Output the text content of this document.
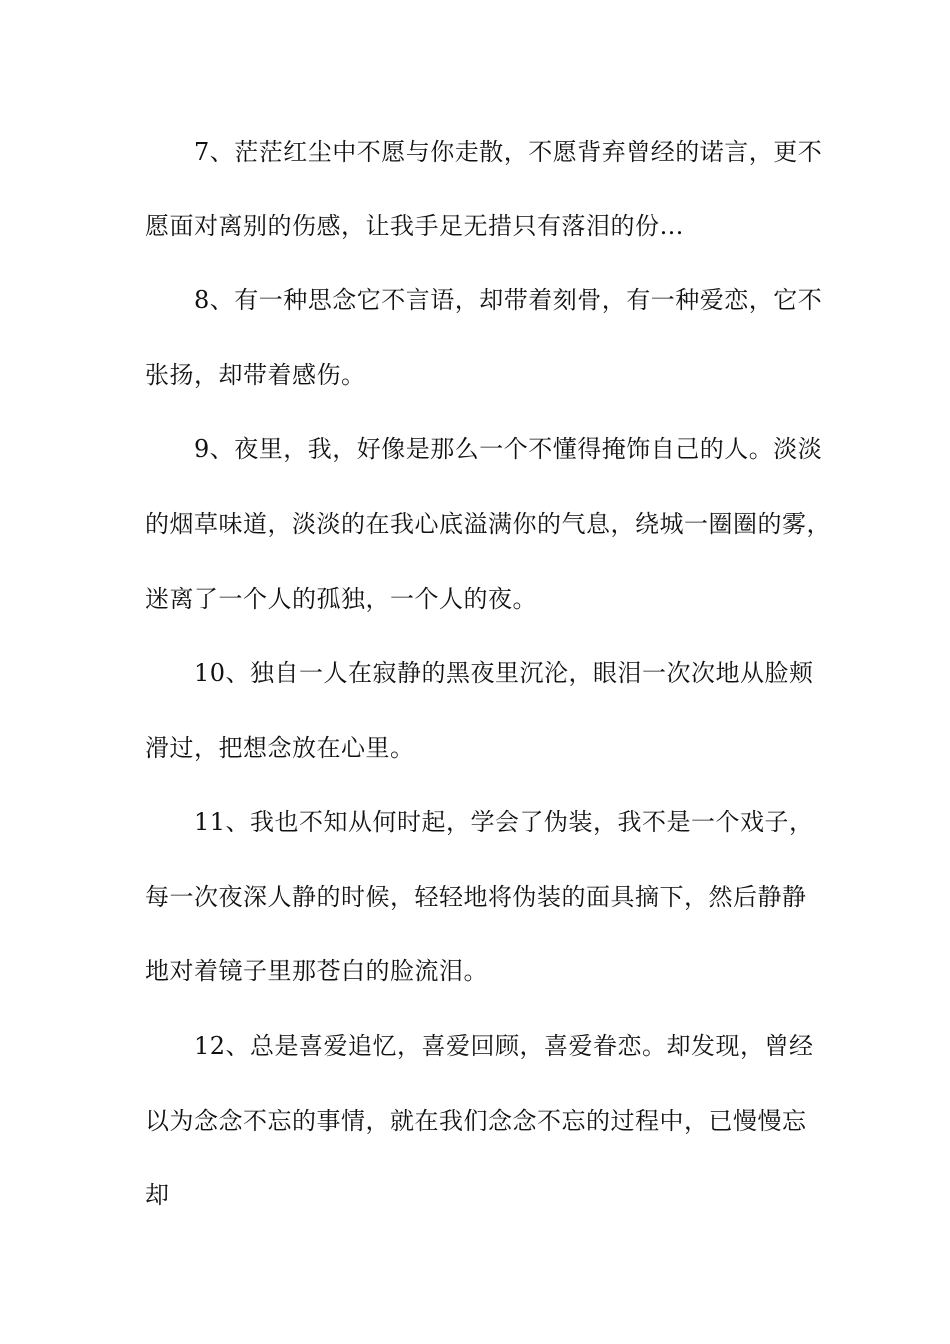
7、茫茫红尘中不愿与你走散，不愿背弃曾经的诺言，更不
愿面对离别的伤感，让我手足无措只有落泪的份…
8、有一种思念它不言语，却带着刻骨，有一种爱恋，它不
张扬，却带着感伤。
9、夜里，我，好像是那么一个不懂得掩饰自己的人。淡淡
的烟草味道，淡淡的在我心底溢满你的气息，绕城一圈圈的雾，
迷离了一个人的孤独，一个人的夜。
10、独自一人在寂静的黑夜里沉沦，眼泪一次次地从脸颊
滑过，把想念放在心里。
11、我也不知从何时起，学会了伪装，我不是一个戏子，
每一次夜深人静的时候，轻轻地将伪装的面具摘下，然后静静
地对着镜子里那苍白的脸流泪。
12、总是喜爱追忆，喜爱回顾，喜爱眷恋。却发现，曾经
以为念念不忘的事情，就在我们念念不忘的过程中，已慢慢忘
却
